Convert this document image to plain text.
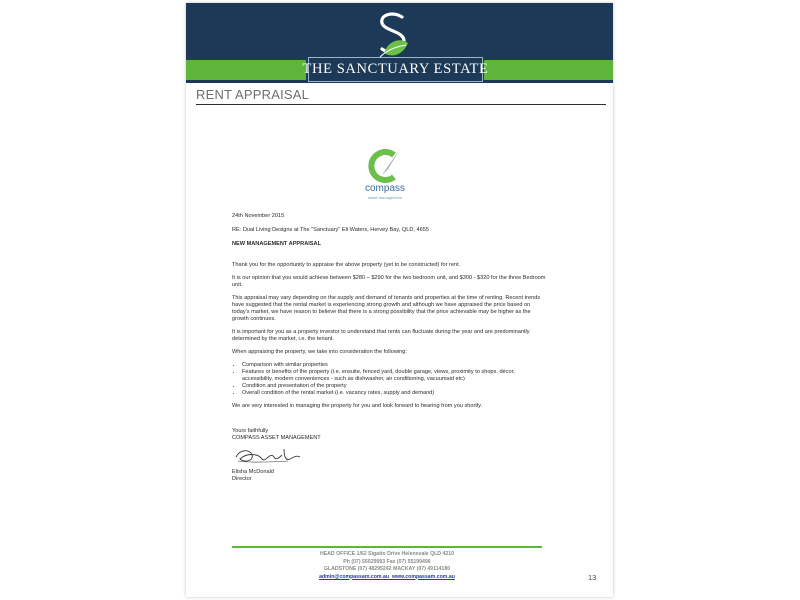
THE SANCTUARY ESTATE
RENT APPRAISAL
compass
asset management
24th November 2015
RE: Dual Living Designs at The "Sanctuary" Eli Waters, Hervey Bay, QLD, 4655
NEW MANAGEMENT APPRAISAL

Thank you for the opportunity to appraise the above property (yet to be constructed) for rent.

It is our opinion that you would achieve between $280 – $290 for the two bedroom unit, and $300 - $320 for the three Bedroom unit.

This appraisal may vary depending on the supply and demand of tenants and properties at the time of renting. Recent trends have suggested that the rental market is experiencing strong growth and although we have appraised the price based on today's market, we have reason to believe that there is a strong possibility that the price achievable may be higher as the growth continues.

It is important for you as a property investor to understand that rents can fluctuate during the year and are predominantly determined by the market, i.e. the tenant.

When appraising the property, we take into consideration the following:

• Comparison with similar properties
• Features or benefits of the property (i.e. ensuite, fenced yard, double garage, views, proximity to shops, décor, accessibility, modern conveniences - such as dishwasher, air conditioning, vacuumaid etc)
• Condition and presentation of the property
• Overall condition of the rental market (i.e. vacancy rates, supply and demand)

We are very interested in managing the property for you and look forward to hearing from you shortly.

Yours faithfully
COMPASS ASSET MANAGEMENT
Elisha McDonald
Director
HEAD OFFICE 1/62 Sigatto Drive Helensvale QLD 4210
Ph (07) 55029993 Fax (07) 55199496
GLADSTONE (07) 48295242 MACKAY (07) 49114180
admin@compassam.com.au www.compassam.com.au	13
